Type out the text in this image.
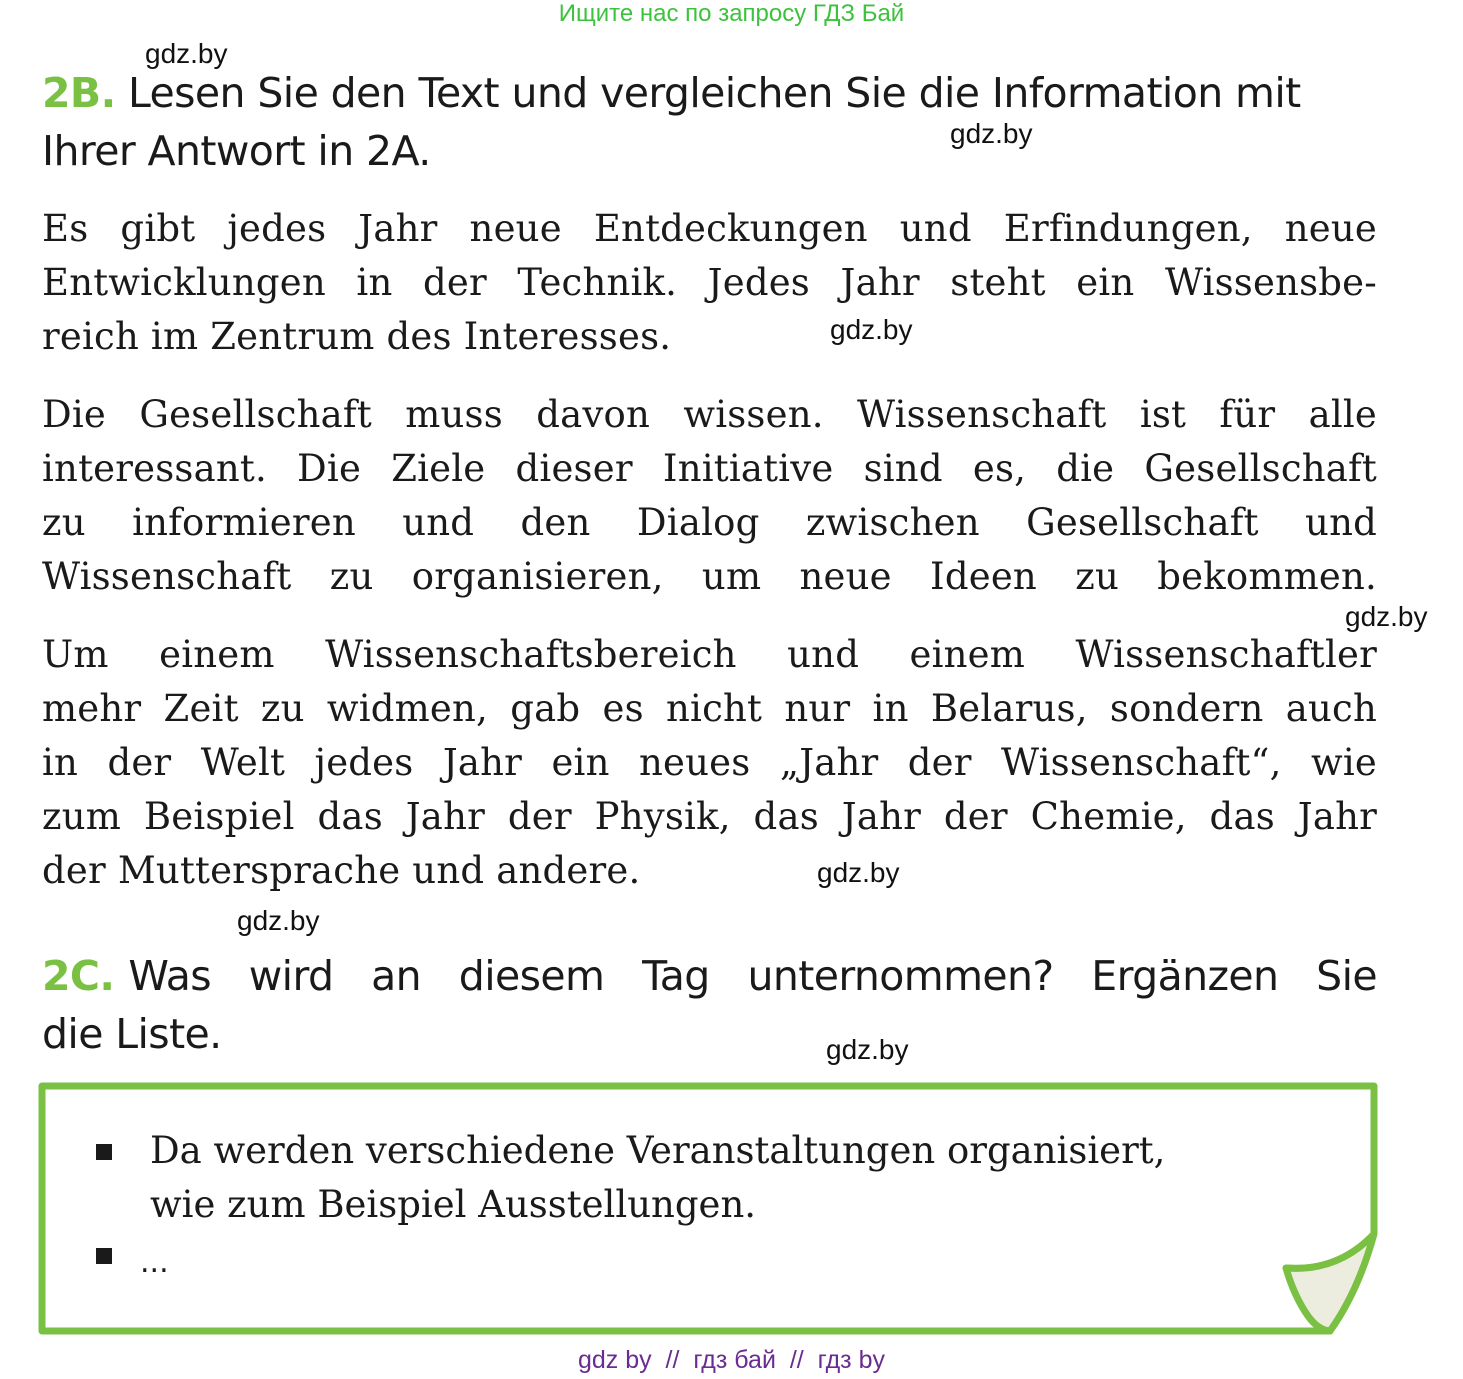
Ищите нас по запросу ГДЗ Бай
gdz.by
gdz.by
gdz.by
gdz.by
gdz.by
gdz.by
gdz.by
2B. Lesen Sie den Text und vergleichen Sie die Information mit
Ihrer Antwort in 2A.
Es gibt jedes Jahr neue Entdeckungen und Erfindungen, neue
Entwicklungen in der Technik. Jedes Jahr steht ein Wissensbe-
reich im Zentrum des Interesses.
Die Gesellschaft muss davon wissen. Wissenschaft ist für alle
interessant. Die Ziele dieser Initiative sind es, die Gesellschaft
zu informieren und den Dialog zwischen Gesellschaft und
Wissenschaft zu organisieren, um neue Ideen zu bekommen.
Um einem Wissenschaftsbereich und einem Wissenschaftler
mehr Zeit zu widmen, gab es nicht nur in Belarus, sondern auch
in der Welt jedes Jahr ein neues „Jahr der Wissenschaft“, wie
zum Beispiel das Jahr der Physik, das Jahr der Chemie, das Jahr
der Muttersprache und andere.
2C. Was wird an diesem Tag unternommen? Ergänzen Sie
die Liste.
Da werden verschiedene Veranstaltungen organisiert,
wie zum Beispiel Ausstellungen.
...
gdz by  //  гдз бай  //  гдз by
